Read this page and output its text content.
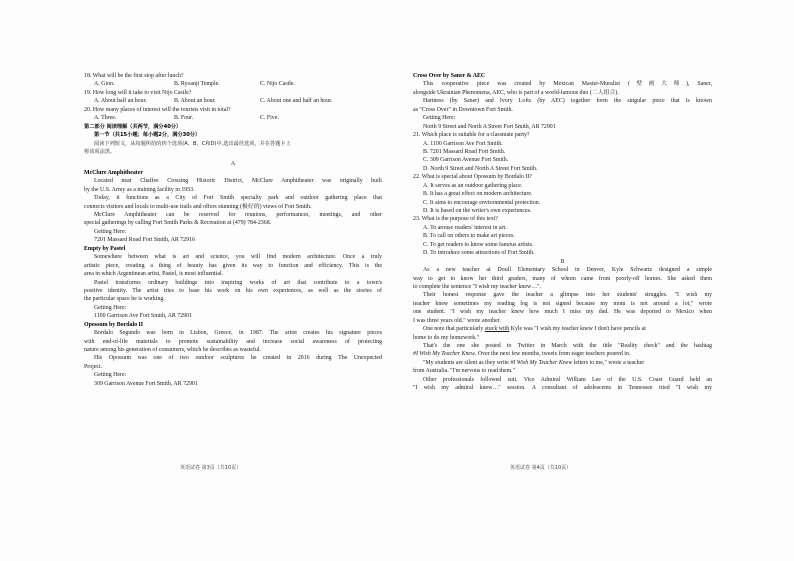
18. What will be the first stop after lunch?
A. Gion.	B. Ryoanji Temple.	C. Nijo Castle.
19. How long will it take to visit Nijo Castle?
A. About half an hour.	B. About an hour.	C. About one and half an hour.
20. How many places of interest will the tourists visit in total?
A. Three.	B. Four.	C. Five.
第二部分 阅读理解（共两节，满分40分）
第一节（共15小题；每小题2分，满分30分）
阅读下列短文，从每题所给的四个选项(A、B、C和D)中,选出最佳选项，并在答题卡上
将该项涂黑。
A
McClure Amphitheater
Located near Chaffee Crossing Historic District, McClure Amphitheater was originally built
by the U.S. Army as a training facility in 1953.
Today, it functions as a City of Fort Smith specialty park and outdoor gathering place that
connects visitors and locals to multi-use trails and offers stunning (极好的) views of Fort Smith.
McClure Amphitheater can be reserved for reunions, performances, meetings, and other
special gatherings by calling Fort Smith Parks & Recreation at (479) 784-2368.
Getting Here:
7201 Massard Road Fort Smith, AR 72916
Empty by Pastel
Somewhere between what is art and science, you will find modern architecture. Once a truly
artistic piece, creating a thing of beauty has given its way to function and efficiency. This is the
area in which Argentinean artist, Pastel, is most influential.
Pastel transforms ordinary buildings into inspiring works of art that contribute to a town's
positive identity. The artist tries to base his work on his own experiences, as well as the stories of
the particular space he is working.
Getting Here:
1100 Garrison Ave Fort Smith, AR 72901
Opossum by Bordalo II
Bordalo Segundo was born in Lisbon, Greece, in 1987. The artist creates his signature pieces
with end-of-life materials to promote sustainability and increase social awareness of protecting
nature among his generation of consumers, which he describes as wasteful.
His Opossum was one of two outdoor sculptures he created in 2016 during The Unexpected
Project.
Getting Here:
309 Garrison Avenue Fort Smith, AR 72901
英语试卷 第3页（共10页）
Cross Over by Saner & AEC
This cooperative piece was created by Mexican Master-Muralist (壁画大师), Saner,
alongside Ukrainian Phenomena, AEC, who is part of a world-famous duo (二人组合).
Hartness (by Saner) and Ivory Lofts (by AEC) together form the singular piece that is known
as "Cross Over" in Downtown Fort Smith.
Getting Here:
North 9 Street and North A Street Fort Smith, AR 72901
21. Which place is suitable for a classmate party?
A. 1100 Garrison Ave Fort Smith.
B. 7201 Massard Road Fort Smith.
C. 309 Garrison Avenue Fort Smith.
D. North 9 Street and North A Street Fort Smith.
22. What is special about Opossum by Bordalo II?
A. It serves as an outdoor gathering place.
B. It has a great effect on modern architecture.
C. It aims to encourage environmental protection.
D. It is based on the writer's own experiences.
23. What is the purpose of this text?
A. To arouse readers' interest in art.
B. To call on others to make art pieces.
C. To get readers to know some famous artists.
D. To introduce some attractions of Fort Smith.
B
As a new teacher at Doull Elementary School in Denver, Kyle Schwartz designed a simple
way to get to know her third graders, many of whom came from poorly-off homes. She asked them
to complete the sentence "I wish my teacher knew…".
Their honest response gave the teacher a glimpse into her students' struggles. "I wish my
teacher knew sometimes my reading log is not signed because my mom is not around a lot," wrote
one student. "I wish my teacher knew how much I miss my dad. He was deported to Mexico when
I was three years old." wrote another.
One note that particularly stuck with Kyle was "I wish my teacher knew I don't have pencils at
home to do my homework."
That's the one she posted to Twitter in March with the title "Reality check" and the hashtag
#I Wish My Teacher Knew. Over the next few months, tweets from eager teachers poured in.
"My students are silent as they write #I Wish My Teacher Knew letters to me," wrote a teacher
from Australia. "I'm nervous to read them."
Other professionals followed suit. Vice Admiral William Lee of the U.S. Coast Guard held an
"I wish my admiral knew…" session. A consultant of adolescents in Tennessee tried "I wish my
英语试卷 第4页（共10页）
